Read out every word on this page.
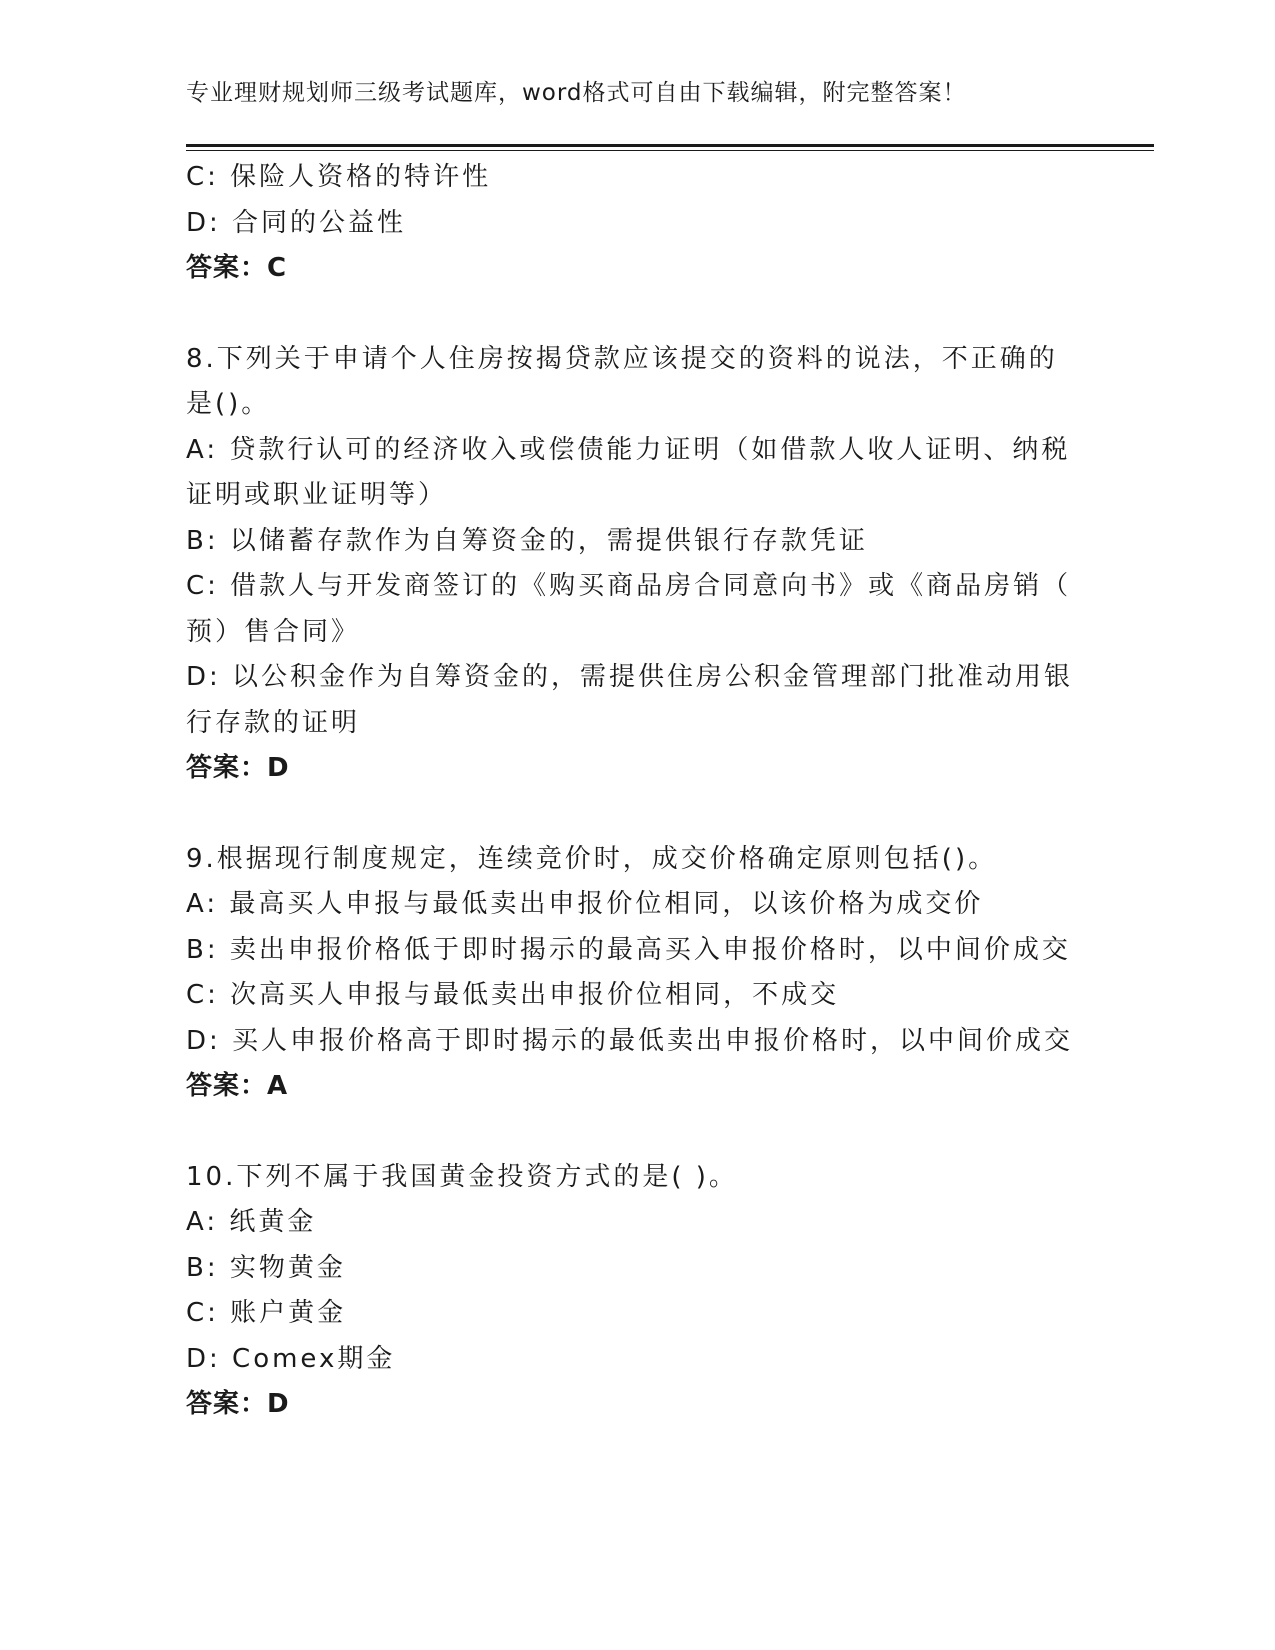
专业理财规划师三级考试题库，word格式可自由下载编辑，附完整答案！
C: 保险人资格的特许性
D: 合同的公益性
答案：C
8.下列关于申请个人住房按揭贷款应该提交的资料的说法，不正确的
是()。
A: 贷款行认可的经济收入或偿债能力证明（如借款人收人证明、纳税
证明或职业证明等）
B: 以储蓄存款作为自筹资金的，需提供银行存款凭证
C: 借款人与开发商签订的《购买商品房合同意向书》或《商品房销（
预）售合同》
D: 以公积金作为自筹资金的，需提供住房公积金管理部门批准动用银
行存款的证明
答案：D
9.根据现行制度规定，连续竞价时，成交价格确定原则包括()。
A: 最高买人申报与最低卖出申报价位相同，以该价格为成交价
B: 卖出申报价格低于即时揭示的最高买入申报价格时，以中间价成交
C: 次高买人申报与最低卖出申报价位相同，不成交
D: 买人申报价格高于即时揭示的最低卖出申报价格时，以中间价成交
答案：A
10.下列不属于我国黄金投资方式的是( )。
A: 纸黄金
B: 实物黄金
C: 账户黄金
D: Comex期金
答案：D
